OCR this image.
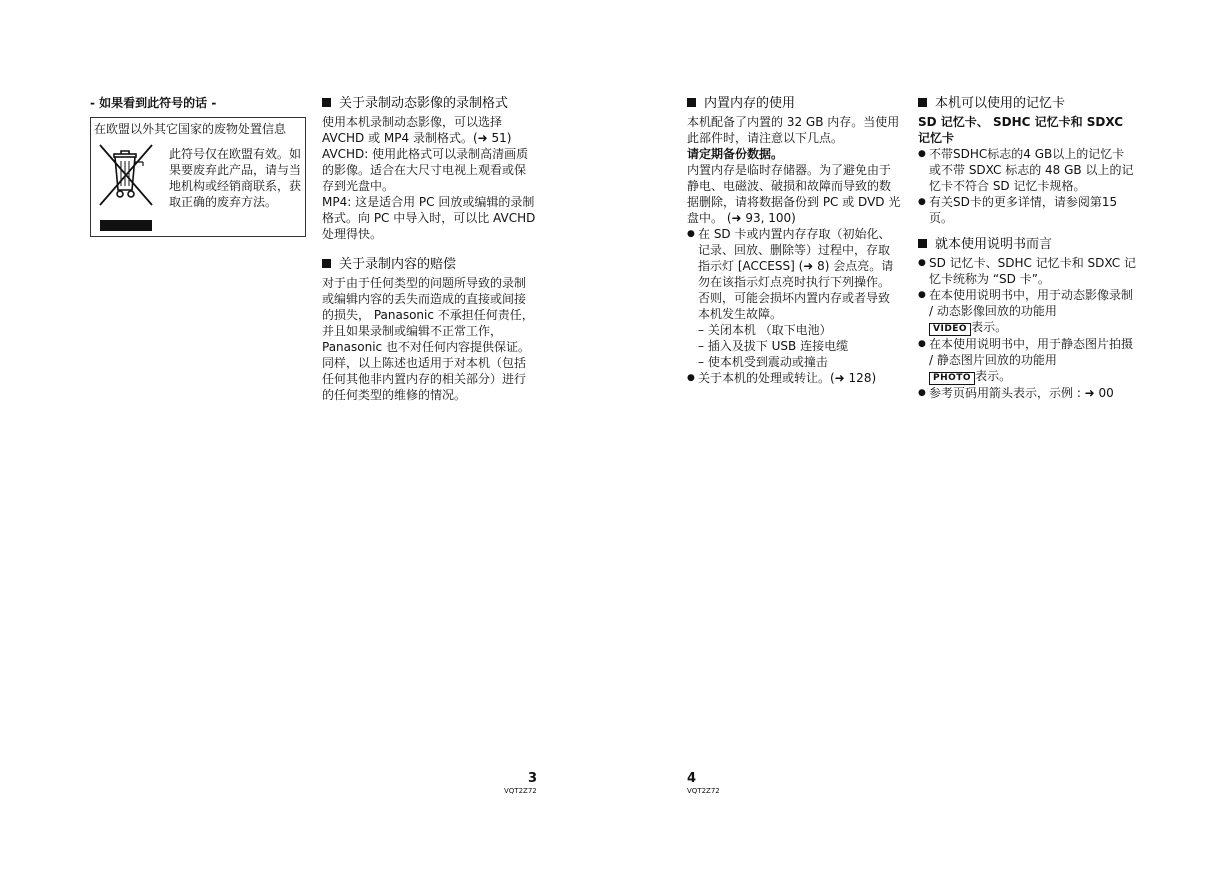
- 如果看到此符号的话 -

在欧盟以外其它国家的废物处置信息
此符号仅在欧盟有效。如果要废弃此产品，请与当地机构或经销商联系，获取正确的废弃方法。
关于录制动态影像的录制格式

使用本机录制动态影像，可以选择 AVCHD 或 MP4 录制格式。(➜ 51)

AVCHD: 使用此格式可以录制高清画质的影像。适合在大尺寸电视上观看或保存到光盘中。

MP4: 这是适合用 PC 回放或编辑的录制格式。向 PC 中导入时，可以比 AVCHD 处理得快。

关于录制内容的赔偿

对于由于任何类型的问题所导致的录制或编辑内容的丢失而造成的直接或间接的损失， Panasonic 不承担任何责任，并且如果录制或编辑不正常工作， Panasonic 也不对任何内容提供保证。同样，以上陈述也适用于对本机（包括任何其他非内置内存的相关部分）进行的任何类型的维修的情况。

内置内存的使用

本机配备了内置的 32 GB 内存。当使用此部件时，请注意以下几点。

请定期备份数据。

内置内存是临时存储器。为了避免由于静电、电磁波、破损和故障而导致的数据删除，请将数据备份到 PC 或 DVD 光盘中。 (➜ 93, 100)

● 在 SD 卡或内置内存存取（初始化、记录、回放、删除等）过程中，存取指示灯 [ACCESS] (➜ 8) 会点亮。请勿在该指示灯点亮时执行下列操作。否则，可能会损坏内置内存或者导致本机发生故障。
– 关闭本机 （取下电池）
– 插入及拔下 USB 连接电缆
– 使本机受到震动或撞击
● 关于本机的处理或转让。(➜ 128)
本机可以使用的记忆卡

SD 记忆卡、 SDHC 记忆卡和 SDXC 记忆卡

● 不带SDHC标志的4 GB以上的记忆卡或不带 SDXC 标志的 48 GB 以上的记忆卡不符合 SD 记忆卡规格。
● 有关SD卡的更多详情，请参阅第15页。
就本使用说明书而言
● SD 记忆卡、SDHC 记忆卡和 SDXC 记忆卡统称为 “SD 卡”。
● 在本使用说明书中，用于动态影像录制 / 动态影像回放的功能用
VIDEO 表示。
● 在本使用说明书中，用于静态图片拍摄 / 静态图片回放的功能用
PHOTO 表示。
● 参考页码用箭头表示，示例 : ➜ 00
3
VQT2Z72
4
VQT2Z72
